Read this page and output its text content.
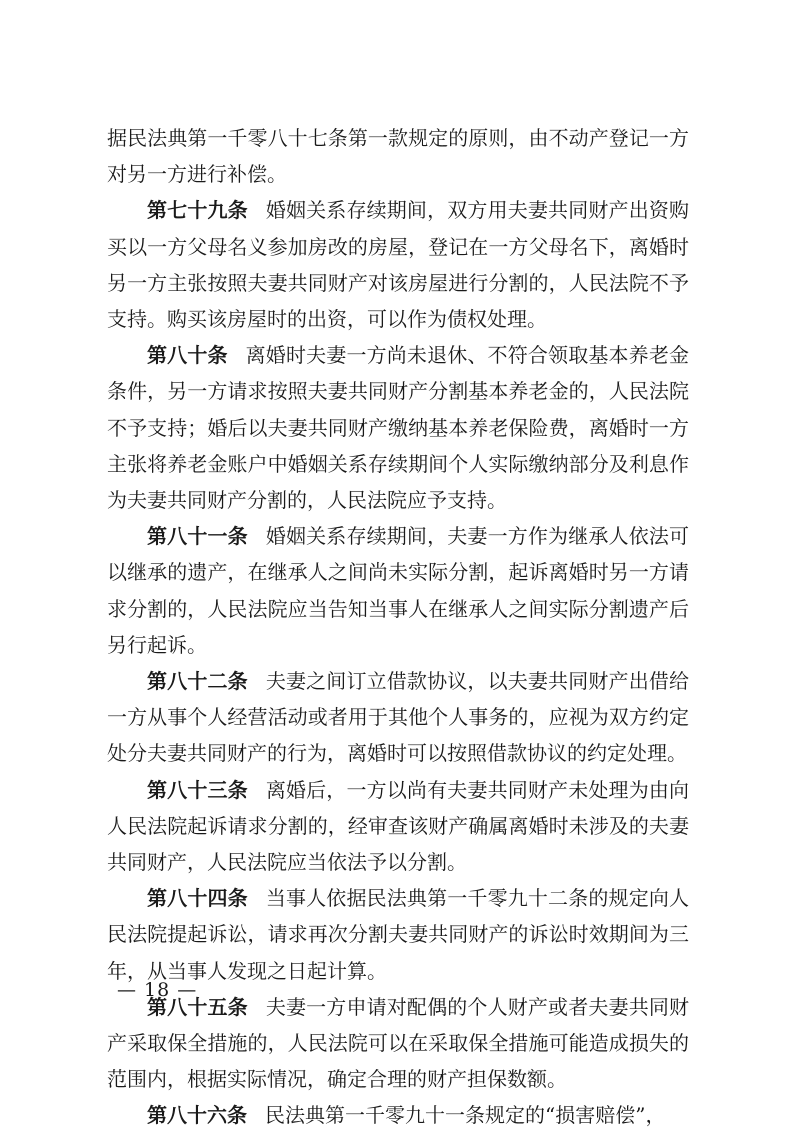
据民法典第一千零八十七条第一款规定的原则，由不动产登记一方对另一方进行补偿。

第七十九条 婚姻关系存续期间，双方用夫妻共同财产出资购买以一方父母名义参加房改的房屋，登记在一方父母名下，离婚时另一方主张按照夫妻共同财产对该房屋进行分割的，人民法院不予支持。购买该房屋时的出资，可以作为债权处理。

第八十条 离婚时夫妻一方尚未退休、不符合领取基本养老金条件，另一方请求按照夫妻共同财产分割基本养老金的，人民法院不予支持；婚后以夫妻共同财产缴纳基本养老保险费，离婚时一方主张将养老金账户中婚姻关系存续期间个人实际缴纳部分及利息作为夫妻共同财产分割的，人民法院应予支持。

第八十一条 婚姻关系存续期间，夫妻一方作为继承人依法可以继承的遗产，在继承人之间尚未实际分割，起诉离婚时另一方请求分割的，人民法院应当告知当事人在继承人之间实际分割遗产后另行起诉。

第八十二条 夫妻之间订立借款协议，以夫妻共同财产出借给一方从事个人经营活动或者用于其他个人事务的，应视为双方约定处分夫妻共同财产的行为，离婚时可以按照借款协议的约定处理。

第八十三条 离婚后，一方以尚有夫妻共同财产未处理为由向人民法院起诉请求分割的，经审查该财产确属离婚时未涉及的夫妻共同财产，人民法院应当依法予以分割。

第八十四条 当事人依据民法典第一千零九十二条的规定向人民法院提起诉讼，请求再次分割夫妻共同财产的诉讼时效期间为三年，从当事人发现之日起计算。

第八十五条 夫妻一方申请对配偶的个人财产或者夫妻共同财产采取保全措施的，人民法院可以在采取保全措施可能造成损失的范围内，根据实际情况，确定合理的财产担保数额。

第八十六条 民法典第一千零九十一条规定的“损害赔偿”，

— 18 —
